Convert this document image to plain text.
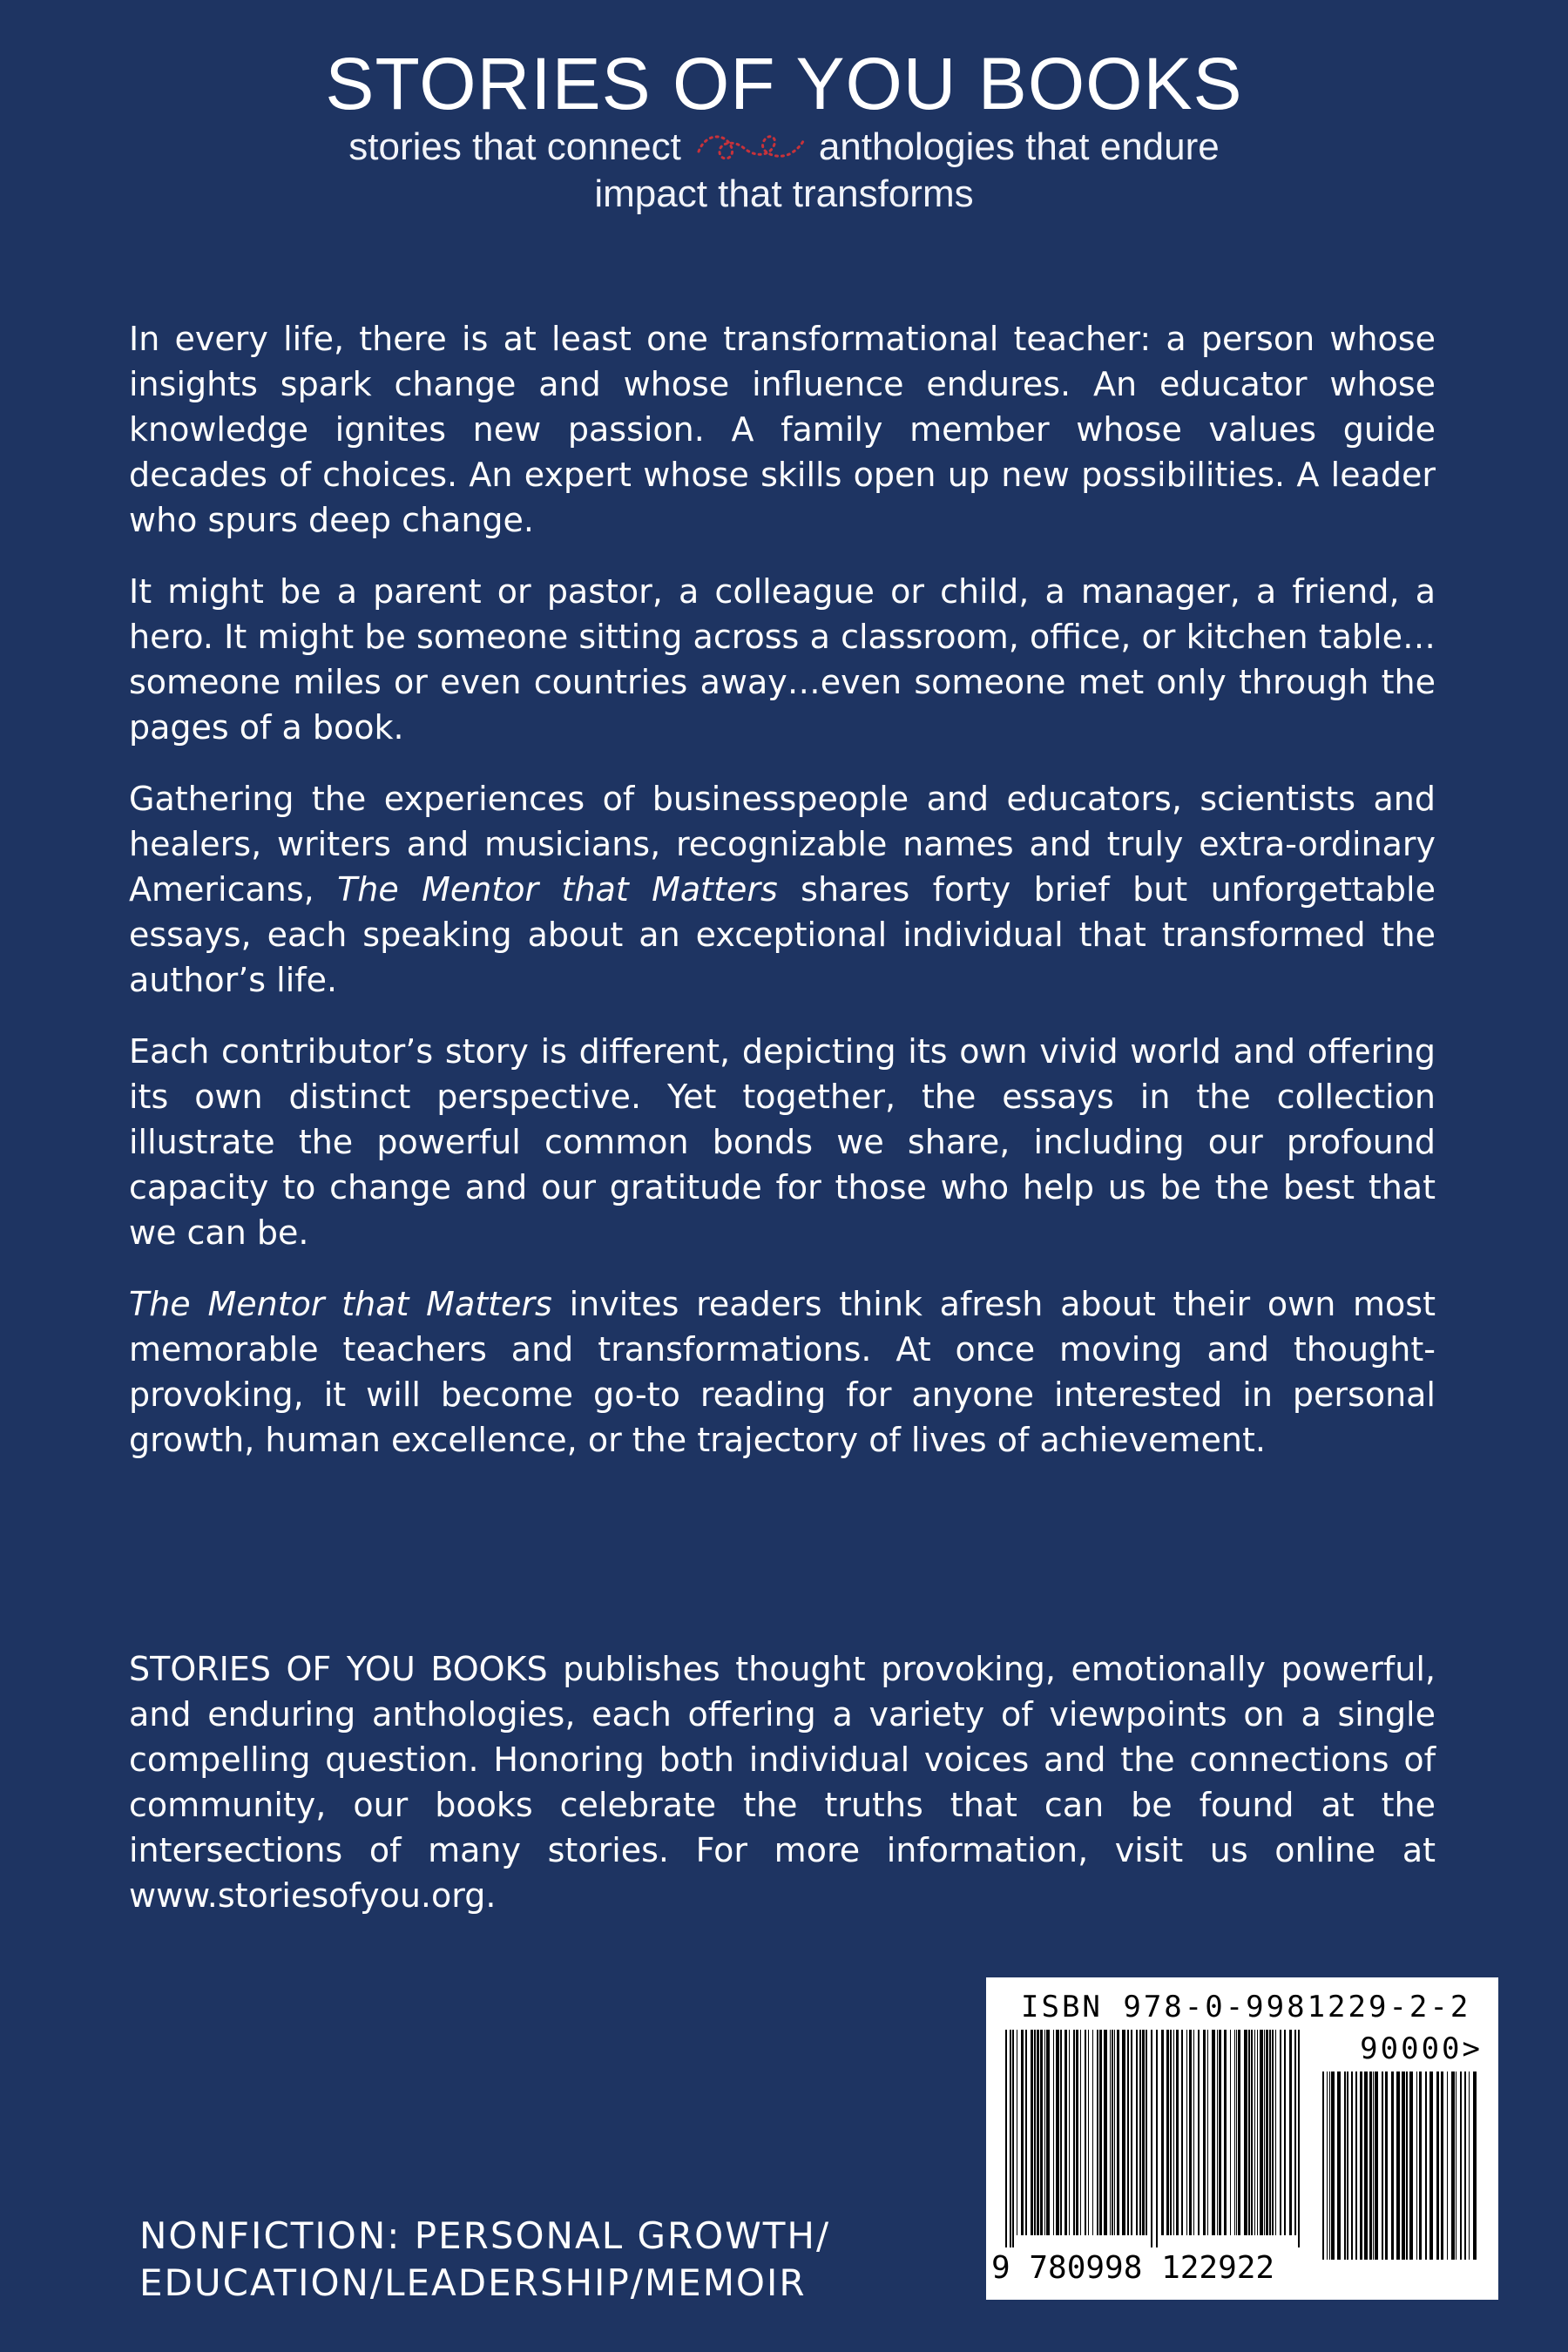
STORIES OF YOU BOOKS
stories that connect	anthologies that endure
impact that transforms

In every life, there is at least one transformational teacher: a person whose insights spark change and whose influence endures. An educator whose knowledge ignites new passion. A family member whose values guide decades of choices. An expert whose skills open up new possibilities. A leader who spurs deep change.

It might be a parent or pastor, a colleague or child, a manager, a friend, a hero. It might be someone sitting across a classroom, office, or kitchen table…someone miles or even countries away…even someone met only through the pages of a book.

Gathering the experiences of businesspeople and educators, scientists and healers, writers and musicians, recognizable names and truly extra-ordinary Americans, The Mentor that Matters shares forty brief but unforgettable essays, each speaking about an exceptional individual that transformed the author’s life.

Each contributor’s story is different, depicting its own vivid world and offering its own distinct perspective. Yet together, the essays in the collection illustrate the powerful common bonds we share, including our profound capacity to change and our gratitude for those who help us be the best that we can be.

The Mentor that Matters invites readers think afresh about their own most memorable teachers and transformations. At once moving and thought-provoking, it will become go-to reading for anyone interested in personal growth, human excellence, or the trajectory of lives of achievement.

STORIES OF YOU BOOKS publishes thought provoking, emotionally powerful, and enduring anthologies, each offering a variety of viewpoints on a single compelling question. Honoring both individual voices and the connections of community, our books celebrate the truths that can be found at the intersections of many stories. For more information, visit us online at www.storiesofyou.org.

NONFICTION: PERSONAL GROWTH/
EDUCATION/LEADERSHIP/MEMOIR
ISBN 978-0-9981229-2-2
90000>
9 780998 122922
